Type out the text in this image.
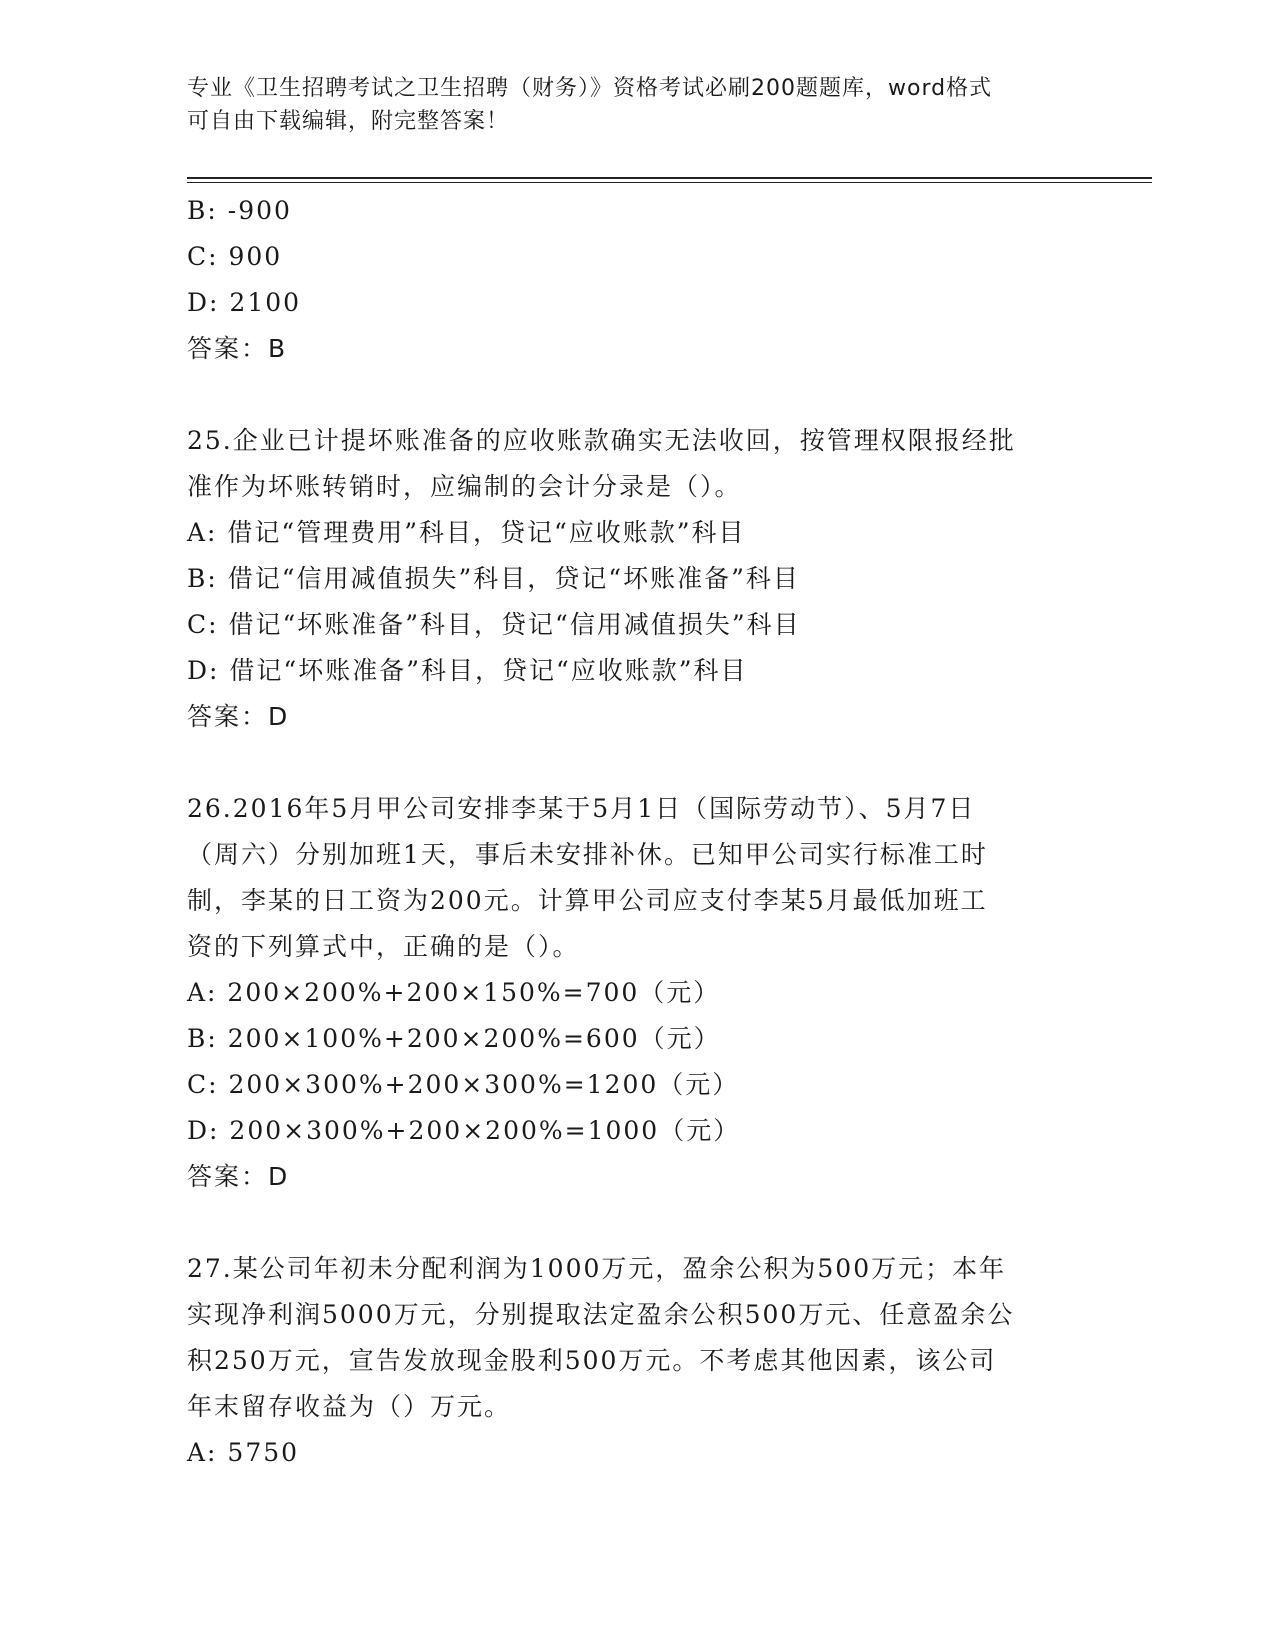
专业《卫生招聘考试之卫生招聘（财务）》资格考试必刷200题题库，word格式
可自由下载编辑，附完整答案！
B: -900
C: 900
D: 2100
答案：B
25.企业已计提坏账准备的应收账款确实无法收回，按管理权限报经批
准作为坏账转销时，应编制的会计分录是（）。
A: 借记“管理费用”科目，贷记“应收账款”科目
B: 借记“信用减值损失”科目，贷记“坏账准备”科目
C: 借记“坏账准备”科目，贷记“信用减值损失”科目
D: 借记“坏账准备”科目，贷记“应收账款”科目
答案：D
26.2016年5月甲公司安排李某于5月1日（国际劳动节）、5月7日
（周六）分别加班1天，事后未安排补休。已知甲公司实行标准工时
制，李某的日工资为200元。计算甲公司应支付李某5月最低加班工
资的下列算式中，正确的是（）。
A: 200×200%+200×150%=700（元）
B: 200×100%+200×200%=600（元）
C: 200×300%+200×300%=1200（元）
D: 200×300%+200×200%=1000（元）
答案：D
27.某公司年初未分配利润为1000万元，盈余公积为500万元；本年
实现净利润5000万元，分别提取法定盈余公积500万元、任意盈余公
积250万元，宣告发放现金股利500万元。不考虑其他因素，该公司
年末留存收益为（）万元。
A: 5750
